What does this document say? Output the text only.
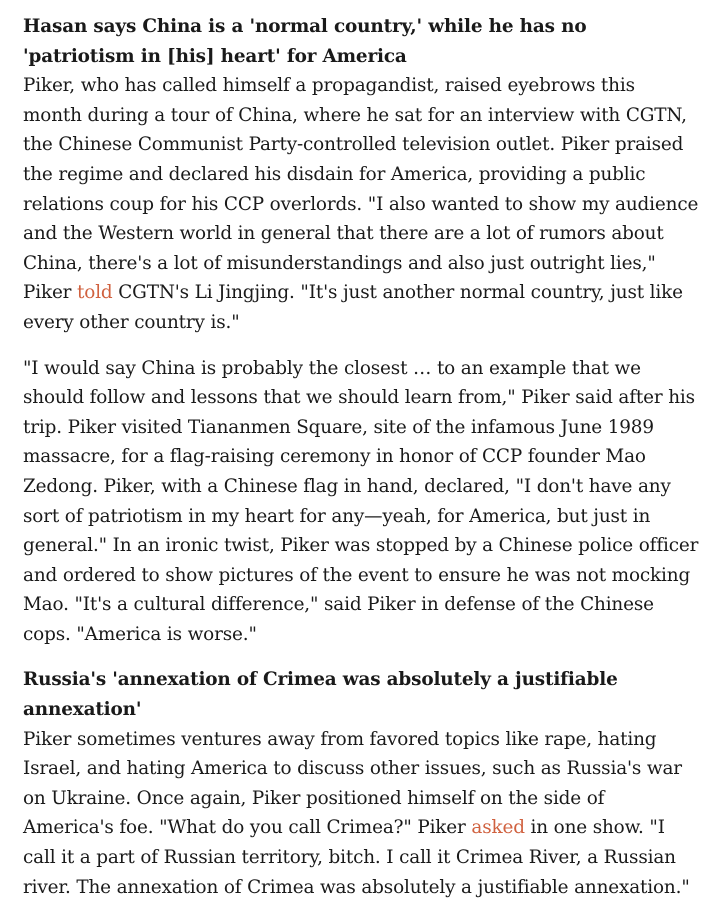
Hasan says China is a 'normal country,' while he has no 'patriotism in [his] heart' for America

Piker, who has called himself a propagandist, raised eyebrows this month during a tour of China, where he sat for an interview with CGTN, the Chinese Communist Party-controlled television outlet. Piker praised the regime and declared his disdain for America, providing a public relations coup for his CCP overlords. "I also wanted to show my audience and the Western world in general that there are a lot of rumors about China, there's a lot of misunderstandings and also just outright lies," Piker told CGTN's Li Jingjing. "It's just another normal country, just like every other country is."

"I would say China is probably the closest … to an example that we should follow and lessons that we should learn from," Piker said after his trip. Piker visited Tiananmen Square, site of the infamous June 1989 massacre, for a flag-raising ceremony in honor of CCP founder Mao Zedong. Piker, with a Chinese flag in hand, declared, "I don't have any sort of patriotism in my heart for any—yeah, for America, but just in general." In an ironic twist, Piker was stopped by a Chinese police officer and ordered to show pictures of the event to ensure he was not mocking Mao. "It's a cultural difference," said Piker in defense of the Chinese cops. "America is worse."

Russia's 'annexation of Crimea was absolutely a justifiable annexation'

Piker sometimes ventures away from favored topics like rape, hating Israel, and hating America to discuss other issues, such as Russia's war on Ukraine. Once again, Piker positioned himself on the side of America's foe. "What do you call Crimea?" Piker asked in one show. "I call it a part of Russian territory, bitch. I call it Crimea River, a Russian river. The annexation of Crimea was absolutely a justifiable annexation."
